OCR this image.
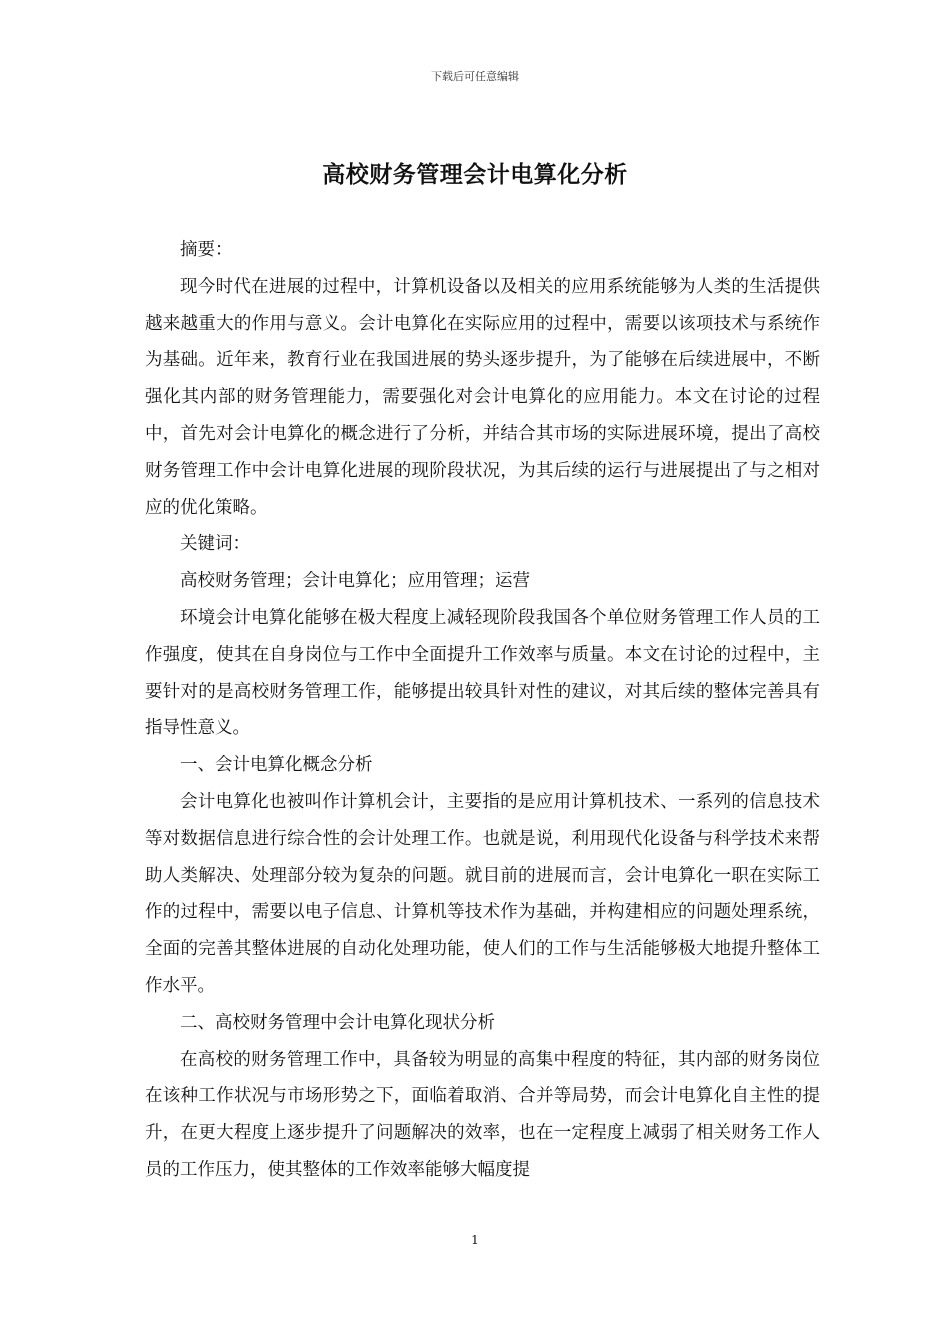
下载后可任意编辑
高校财务管理会计电算化分析

摘要：

现今时代在进展的过程中，计算机设备以及相关的应用系统能够为人类的生活提供越来越重大的作用与意义。会计电算化在实际应用的过程中，需要以该项技术与系统作为基础。近年来，教育行业在我国进展的势头逐步提升，为了能够在后续进展中，不断强化其内部的财务管理能力，需要强化对会计电算化的应用能力。本文在讨论的过程中，首先对会计电算化的概念进行了分析，并结合其市场的实际进展环境，提出了高校财务管理工作中会计电算化进展的现阶段状况，为其后续的运行与进展提出了与之相对应的优化策略。

关键词：

高校财务管理；会计电算化；应用管理；运营

环境会计电算化能够在极大程度上减轻现阶段我国各个单位财务管理工作人员的工作强度，使其在自身岗位与工作中全面提升工作效率与质量。本文在讨论的过程中，主要针对的是高校财务管理工作，能够提出较具针对性的建议，对其后续的整体完善具有指导性意义。

一、会计电算化概念分析

会计电算化也被叫作计算机会计，主要指的是应用计算机技术、一系列的信息技术等对数据信息进行综合性的会计处理工作。也就是说，利用现代化设备与科学技术来帮助人类解决、处理部分较为复杂的问题。就目前的进展而言，会计电算化一职在实际工作的过程中，需要以电子信息、计算机等技术作为基础，并构建相应的问题处理系统，全面的完善其整体进展的自动化处理功能，使人们的工作与生活能够极大地提升整体工作水平。

二、高校财务管理中会计电算化现状分析

在高校的财务管理工作中，具备较为明显的高集中程度的特征，其内部的财务岗位在该种工作状况与市场形势之下，面临着取消、合并等局势，而会计电算化自主性的提升，在更大程度上逐步提升了问题解决的效率，也在一定程度上减弱了相关财务工作人员的工作压力，使其整体的工作效率能够大幅度提

1
